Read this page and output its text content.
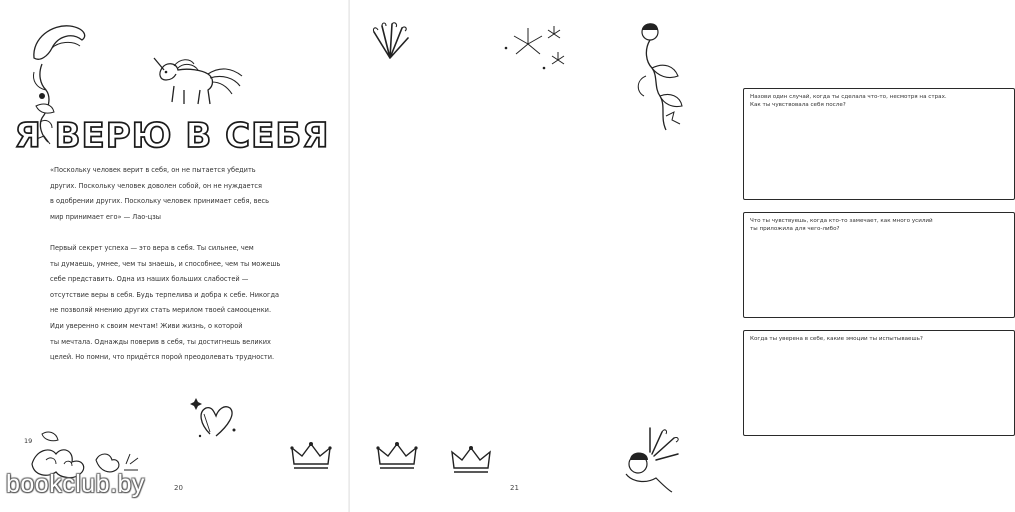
Я ВЕРЮ В СЕБЯ

«Поскольку человек верит в себя, он не пытается убедить

других. Поскольку человек доволен собой, он не нуждается

в одобрении других. Поскольку человек принимает себя, весь

мир принимает его» — Лао-цзы

Первый секрет успеха — это вера в себя. Ты сильнее, чем

ты думаешь, умнее, чем ты знаешь, и способнее, чем ты можешь

себе представить. Одна из наших больших слабостей —

отсутствие веры в себя. Будь терпелива и добра к себе. Никогда

не позволяй мнению других стать мерилом твоей самооценки.

Иди уверенно к своим мечтам! Живи жизнь, о которой

ты мечтала. Однажды поверив в себя, ты достигнешь великих

целей. Но помни, что придётся порой преодолевать трудности.

19
20
bookclub.by
Назови один случай, когда ты сделала что-то, несмотря на страх.
Как ты чувствовала себя после?
Что ты чувствуешь, когда кто-то замечает, как много усилий
ты приложила для чего-либо?
Когда ты уверена в себе, какие эмоции ты испытываешь?
21
